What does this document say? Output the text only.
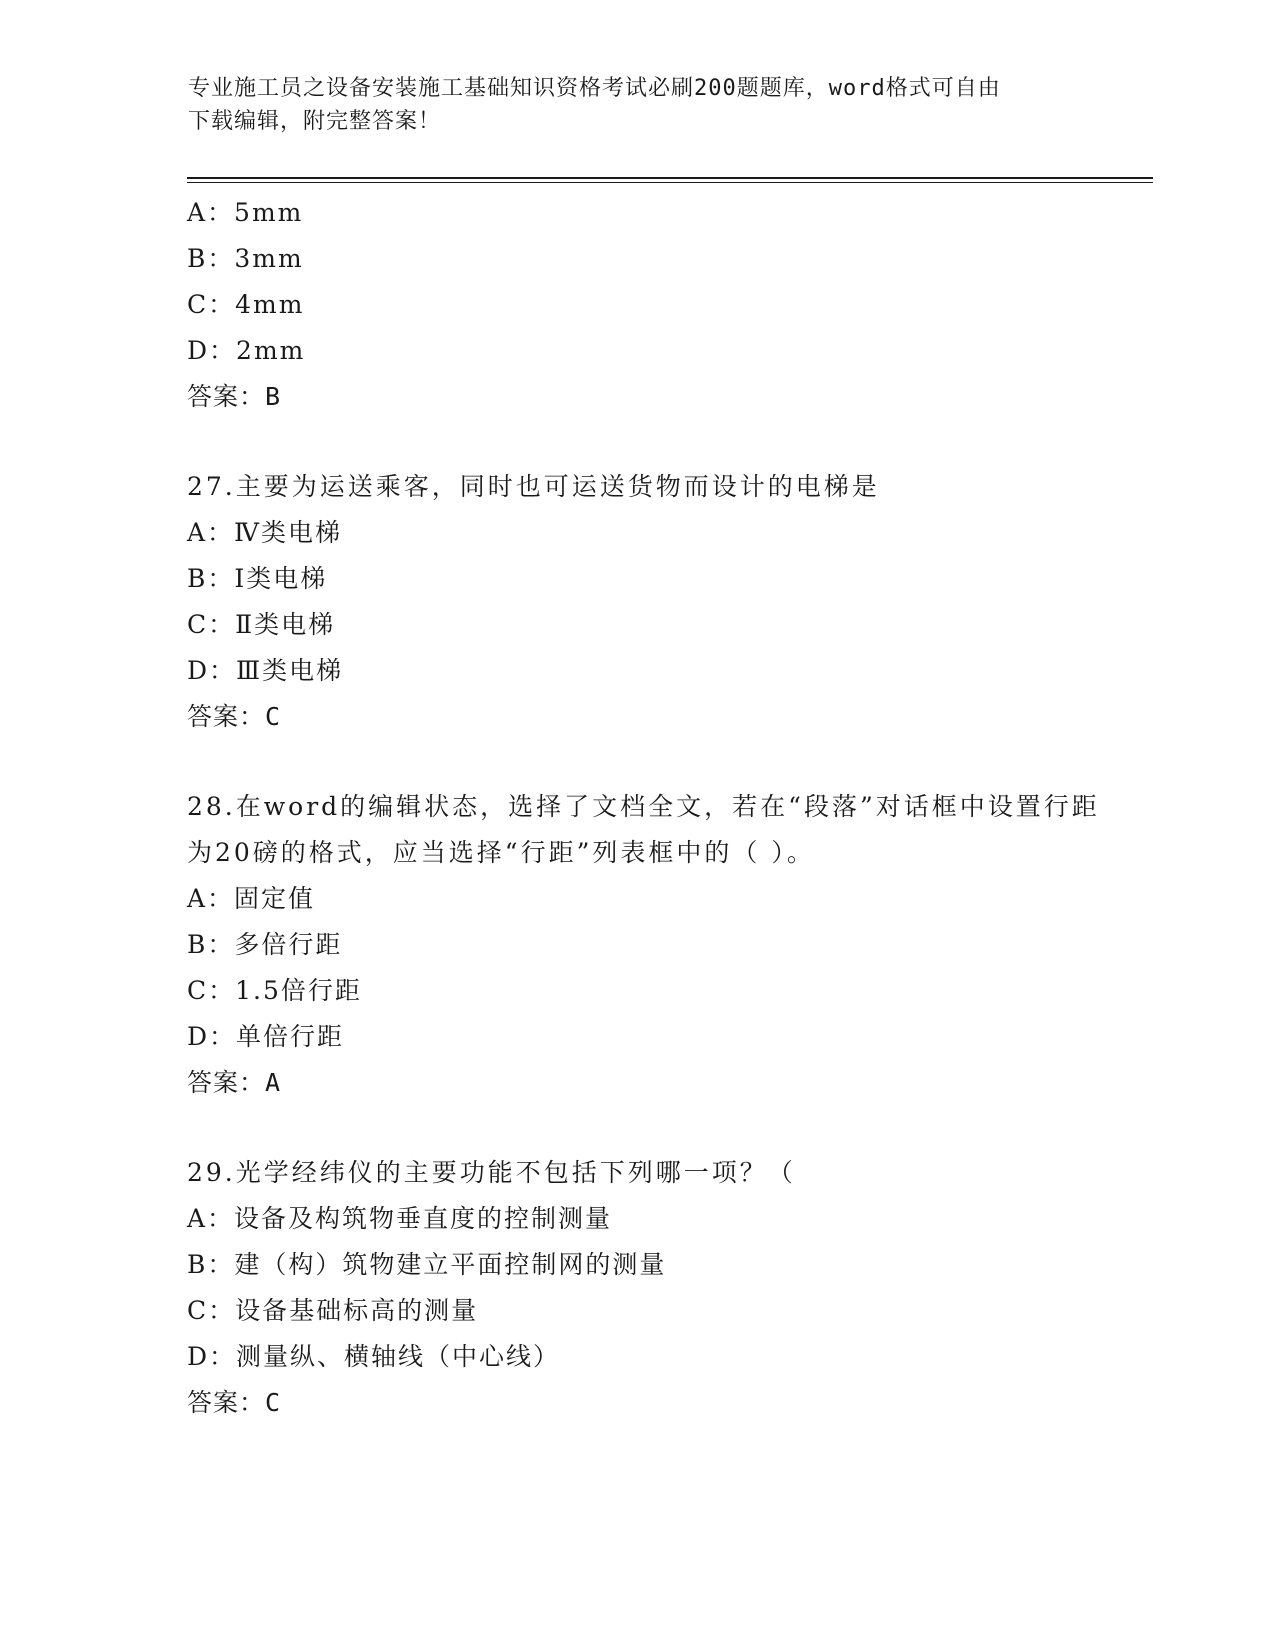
专业施工员之设备安装施工基础知识资格考试必刷200题题库，word格式可自由
下载编辑，附完整答案！
A：5mm
B：3mm
C：4mm
D：2mm
答案：B
27.主要为运送乘客，同时也可运送货物而设计的电梯是
A：Ⅳ类电梯
B：Ⅰ类电梯
C：Ⅱ类电梯
D：Ⅲ类电梯
答案：C
28.在word的编辑状态，选择了文档全文，若在“段落”对话框中设置行距为20磅的格式，应当选择“行距”列表框中的（ ）。
A：固定值
B：多倍行距
C：1.5倍行距
D：单倍行距
答案：A
29.光学经纬仪的主要功能不包括下列哪一项？（
A：设备及构筑物垂直度的控制测量
B：建（构）筑物建立平面控制网的测量
C：设备基础标高的测量
D：测量纵、横轴线（中心线）
答案：C
